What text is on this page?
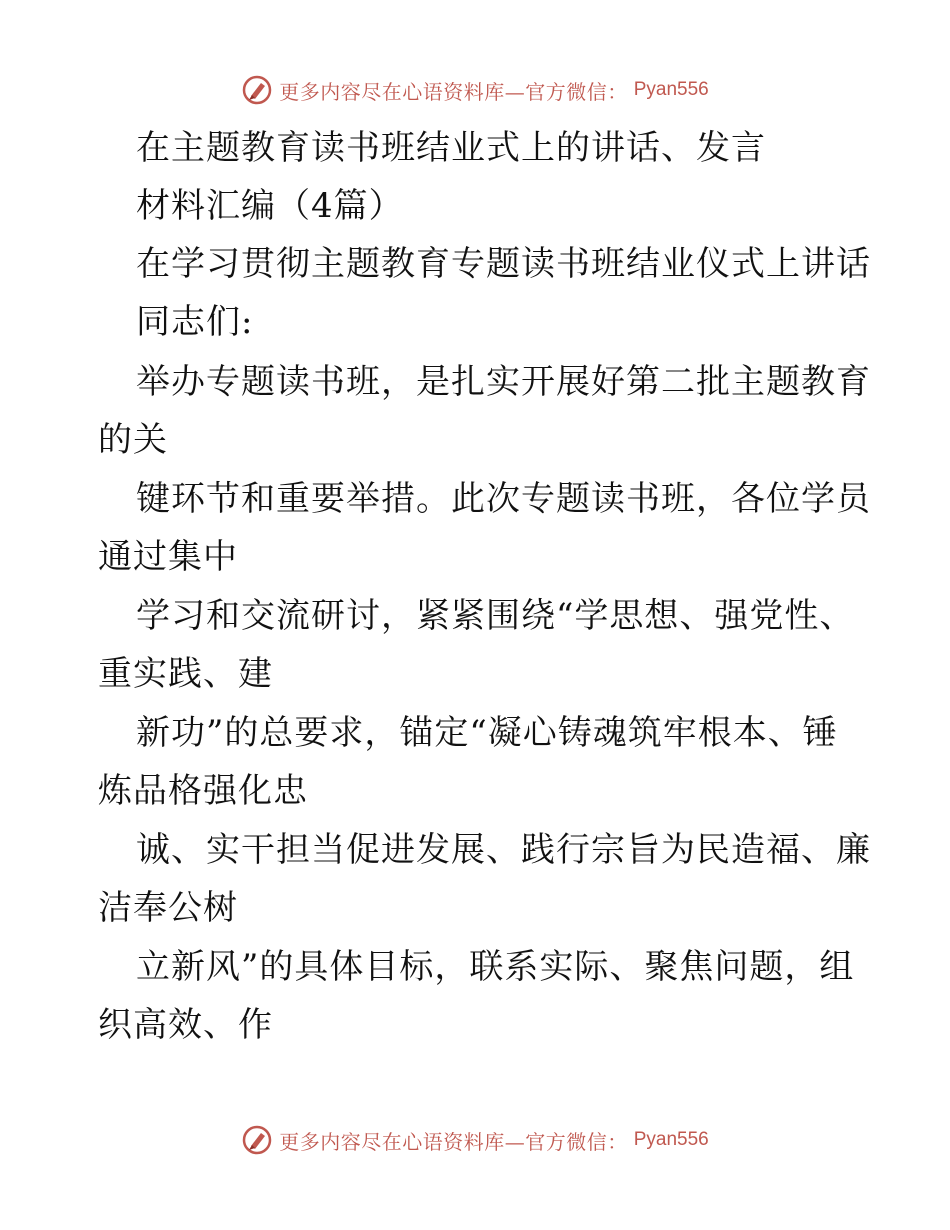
更多内容尽在心语资料库—官方微信： Pyan556
在主题教育读书班结业式上的讲话、发言
材料汇编（4篇）
在学习贯彻主题教育专题读书班结业仪式上讲话
同志们:
举办专题读书班，是扎实开展好第二批主题教育
的关
键环节和重要举措。此次专题读书班，各位学员
通过集中
学习和交流研讨，紧紧围绕“学思想、强党性、
重实践、建
新功”的总要求，锚定“凝心铸魂筑牢根本、锤
炼品格强化忠
诚、实干担当促进发展、践行宗旨为民造福、廉
洁奉公树
立新风”的具体目标，联系实际、聚焦问题，组
织高效、作
更多内容尽在心语资料库—官方微信： Pyan556
